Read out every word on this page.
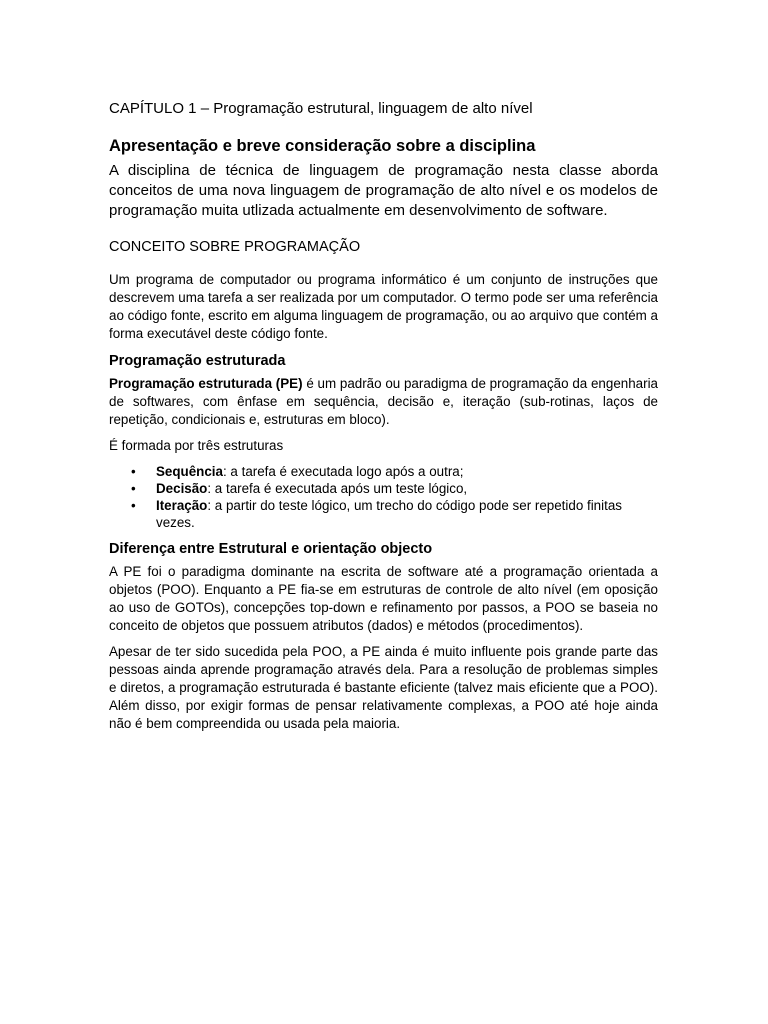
CAPÍTULO 1 – Programação estrutural, linguagem de alto nível
Apresentação e breve consideração sobre a disciplina
A disciplina de técnica de linguagem de programação nesta classe aborda conceitos de uma nova linguagem de programação de alto nível e os modelos de programação muita utlizada actualmente em desenvolvimento de software.
CONCEITO SOBRE PROGRAMAÇÃO

Um programa de computador ou programa informático é um conjunto de instruções que descrevem uma tarefa a ser realizada por um computador. O termo pode ser uma referência ao código fonte, escrito em alguma linguagem de programação, ou ao arquivo que contém a forma executável deste código fonte.

Programação estruturada

Programação estruturada (PE) é um padrão ou paradigma de programação da engenharia de softwares, com ênfase em sequência, decisão e, iteração (sub-rotinas, laços de repetição, condicionais e, estruturas em bloco).

É formada por três estruturas

• Sequência: a tarefa é executada logo após a outra;
• Decisão: a tarefa é executada após um teste lógico,
• Iteração: a partir do teste lógico, um trecho do código pode ser repetido finitas vezes.
Diferença entre Estrutural e orientação objecto

A PE foi o paradigma dominante na escrita de software até a programação orientada a objetos (POO). Enquanto a PE fia-se em estruturas de controle de alto nível (em oposição ao uso de GOTOs), concepções top-down e refinamento por passos, a POO se baseia no conceito de objetos que possuem atributos (dados) e métodos (procedimentos).

Apesar de ter sido sucedida pela POO, a PE ainda é muito influente pois grande parte das pessoas ainda aprende programação através dela. Para a resolução de problemas simples e diretos, a programação estruturada é bastante eficiente (talvez mais eficiente que a POO). Além disso, por exigir formas de pensar relativamente complexas, a POO até hoje ainda não é bem compreendida ou usada pela maioria.
